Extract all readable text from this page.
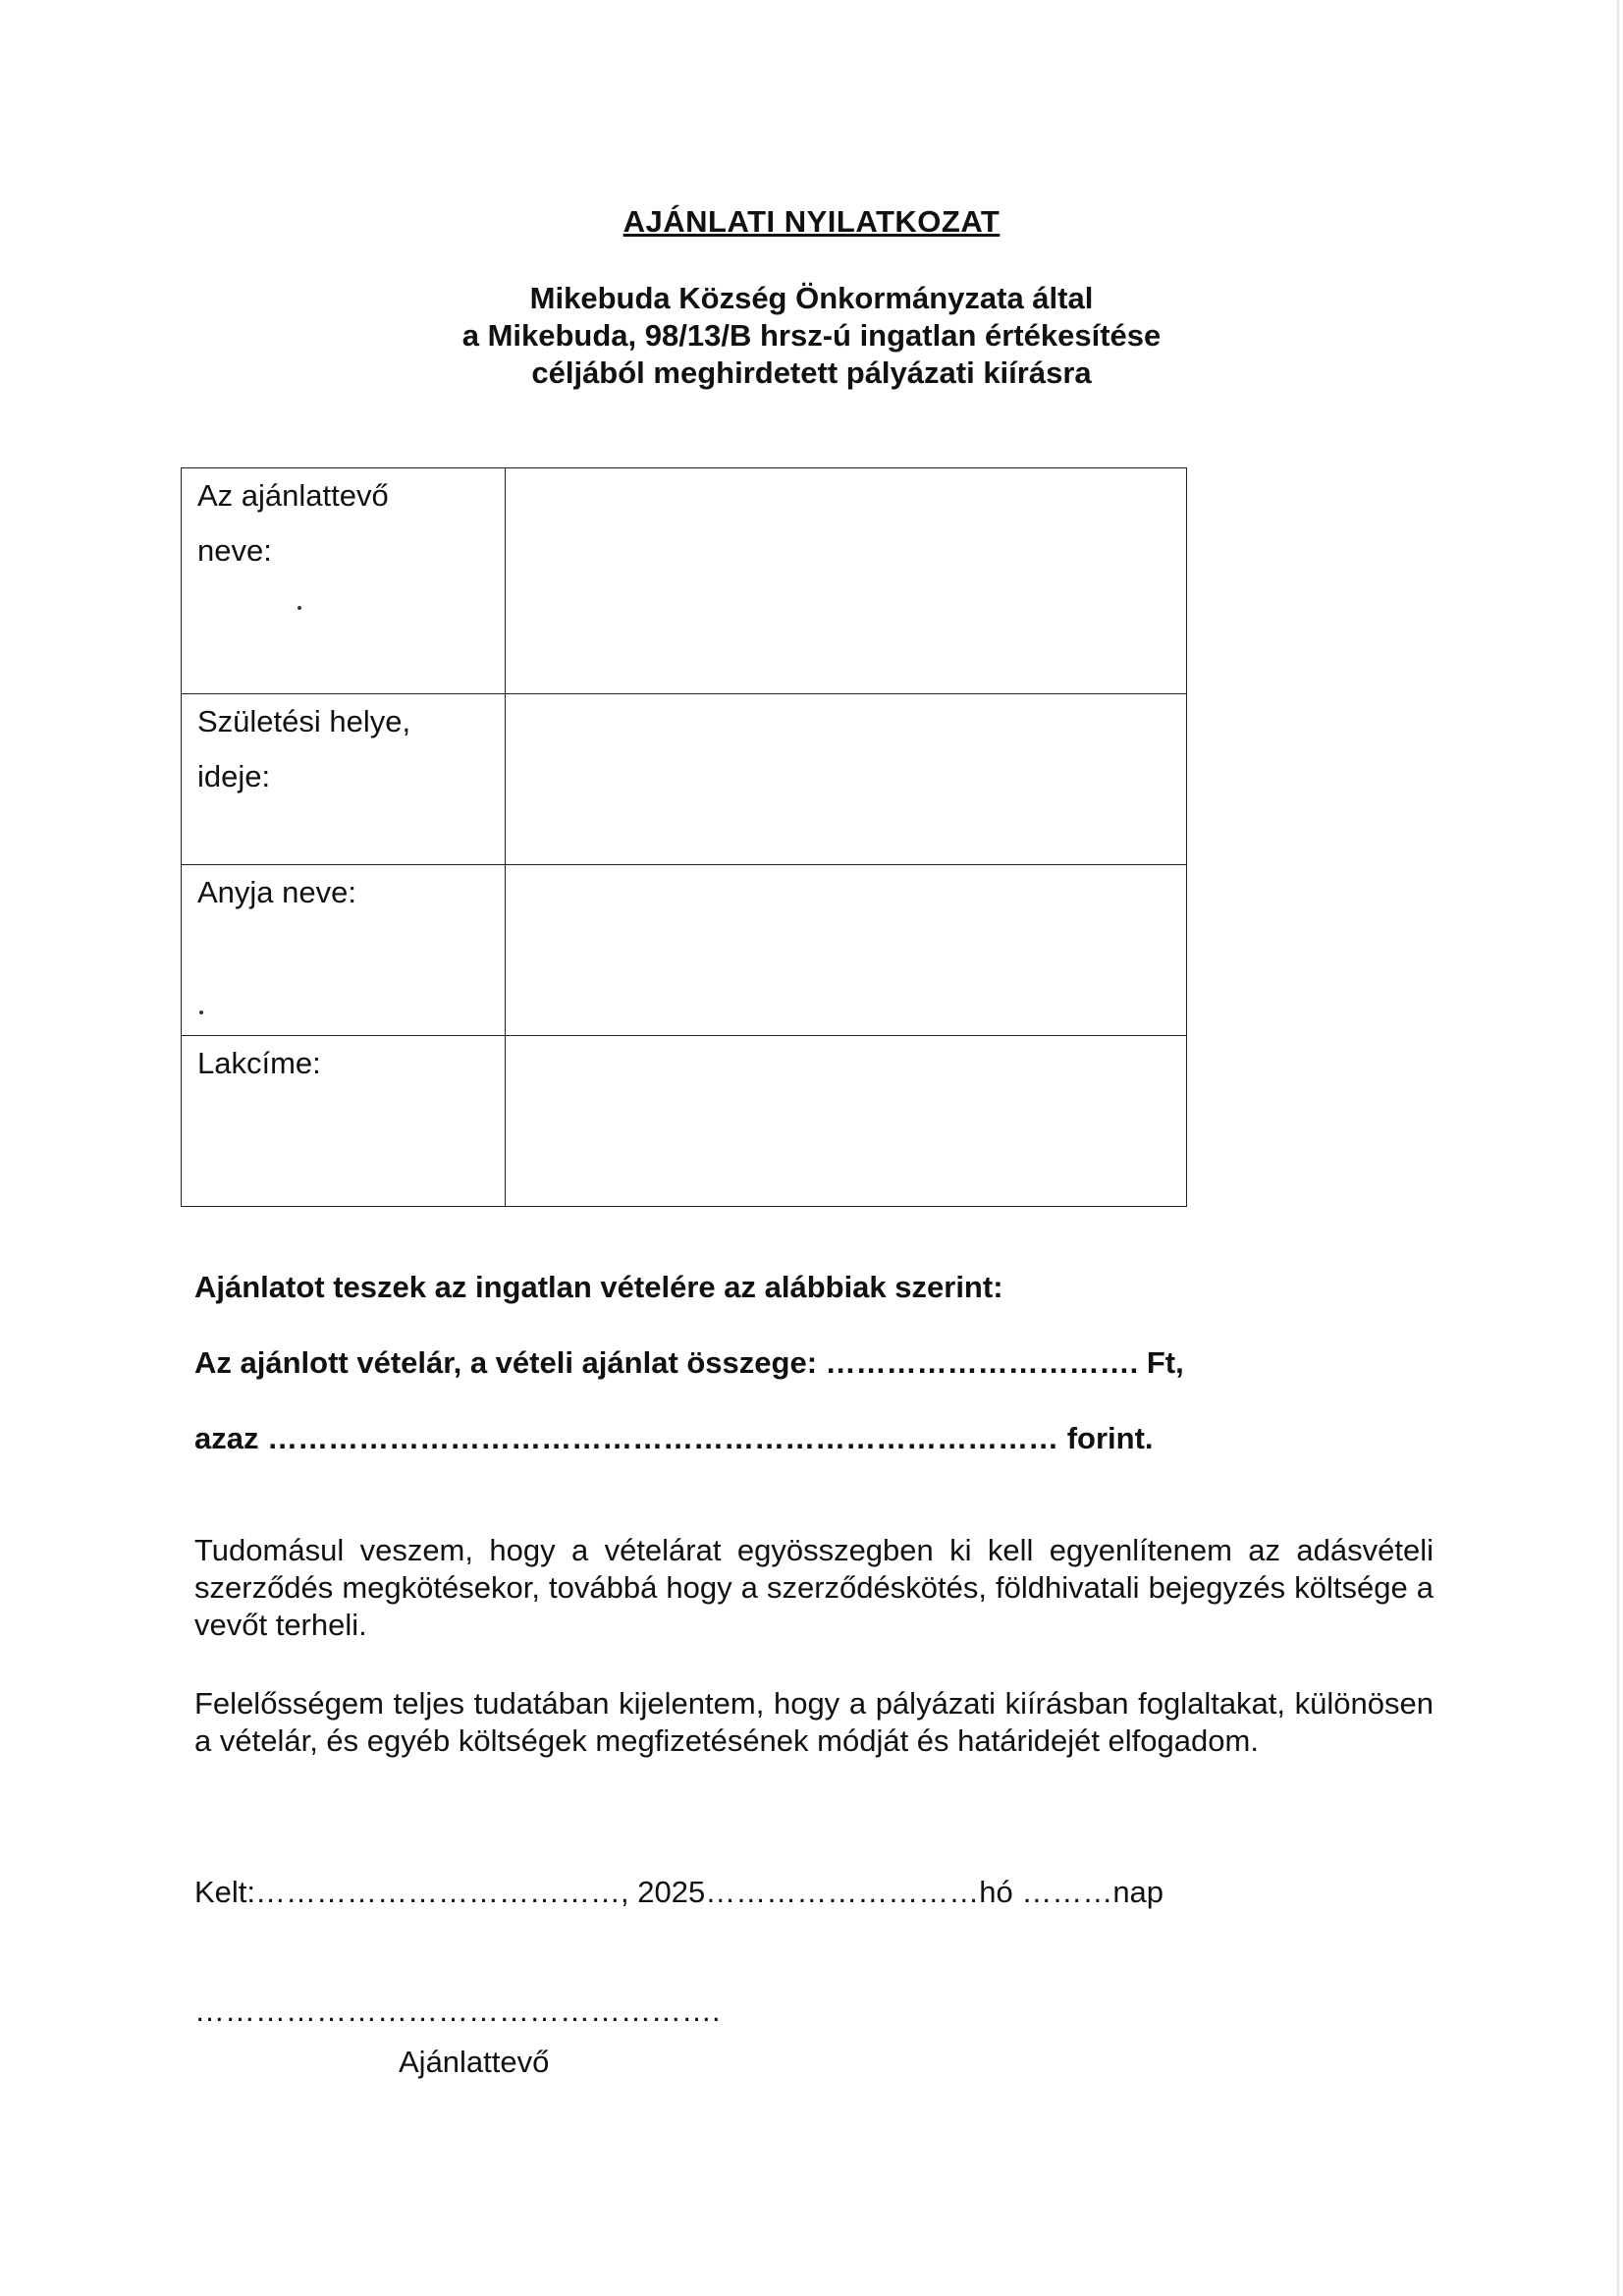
AJÁNLATI NYILATKOZAT
Mikebuda Község Önkormányzata által
a Mikebuda, 98/13/B hrsz-ú ingatlan értékesítése
céljából meghirdetett pályázati kiírásra
Az ajánlattevő
neve:	

Születési helye,
ideje:	

Anyja neve:	

Lakcíme:	

Ajánlatot teszek az ingatlan vételére az alábbiak szerint:
Az ajánlott vételár, a vételi ajánlat összege: …………………………. Ft,
azaz …………………………………………………………………… forint.
Tudomásul veszem, hogy a vételárat egyösszegben ki kell egyenlítenem az adásvételi szerződés megkötésekor, továbbá hogy a szerződéskötés, földhivatali bejegyzés költsége a vevőt terheli.
Felelősségem teljes tudatában kijelentem, hogy a pályázati kiírásban foglaltakat, különösen a vételár, és egyéb költségek megfizetésének módját és határidejét elfogadom.
Kelt:………………………………, 2025………………………hó ………nap
…………………………………………….
Ajánlattevő
